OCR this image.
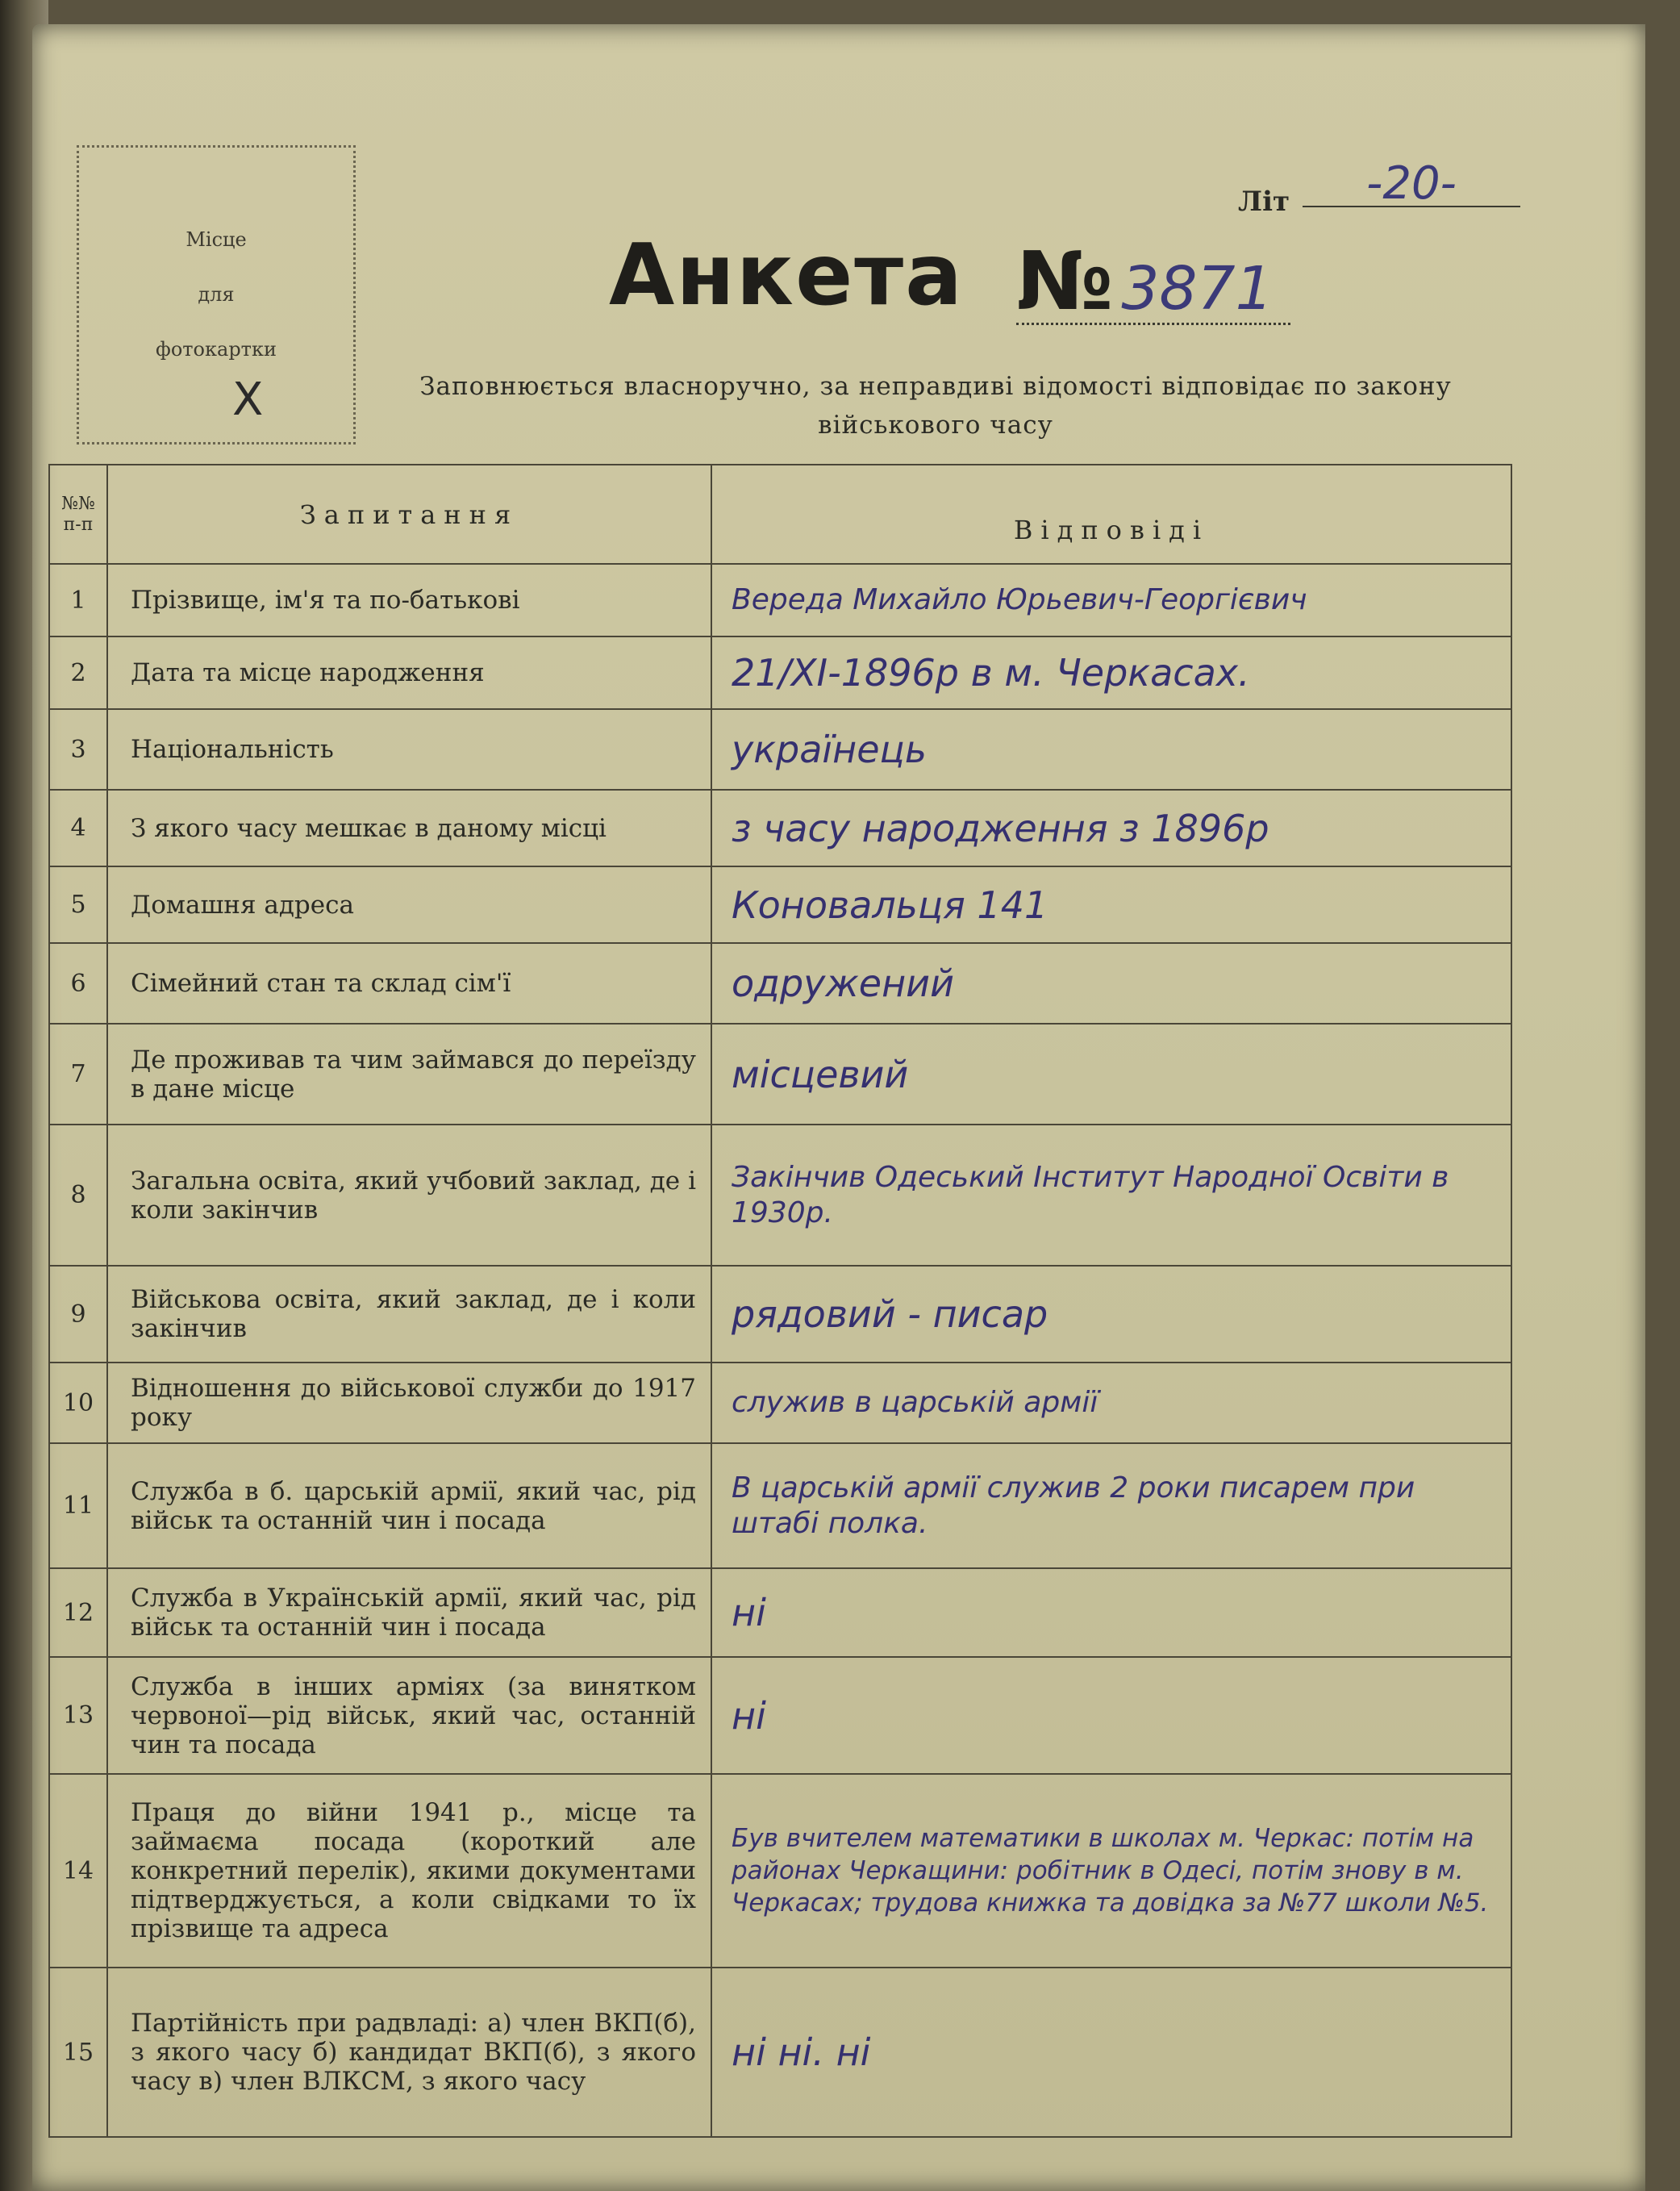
Місце
для
фотокартки
X
Літ	-20-
Анкета № 3871
Заповнюється власноручно, за неправдиві відомості відповідає по закону військового часу
№№ п-п	Запитання	Відповіді
1	Прізвище, ім'я та по-батькові	Вереда Михайло Юрьевич-Георгієвич
2	Дата та місце народження	21/XI-1896р в м. Черкасах.
3	Національність	українець
4	З якого часу мешкає в даному місці	з часу народження з 1896р
5	Домашня адреса	Коновальця 141
6	Сімейний стан та склад сім'ї	одружений
7	Де проживав та чим займався до переїзду в дане місце	місцевий
8	Загальна освіта, який учбовий заклад, де і коли закінчив	Закінчив Одеський Інститут Народної Освіти в 1930р.
9	Військова освіта, який заклад, де і коли закінчив	рядовий - писар
10	Відношення до військової служби до 1917 року	служив в царській армії
11	Служба в б. царській армії, який час, рід військ та останній чин і посада	В царській армії служив 2 роки писарем при штабі полка.
12	Служба в Українській армії, який час, рід військ та останній чин і посада	ні
13	Служба в інших арміях (за винятком червоної—рід військ, який час, останній чин та посада	ні
14	Праця до війни 1941 р., місце та займаєма посада (короткий але конкретний перелік), якими документами підтверджується, а коли свідками то їх прізвище та адреса	Був вчителем математики в школах м. Черкас: потім на районах Черкащини: робітник в Одесі, потім знову в м. Черкасах; трудова книжка та довідка за №77 школи №5.
15	Партійність при радвладі: а) член ВКП(б), з якого часу б) кандидат ВКП(б), з якого часу в) член ВЛКСМ, з якого часу	ні ні. ні
